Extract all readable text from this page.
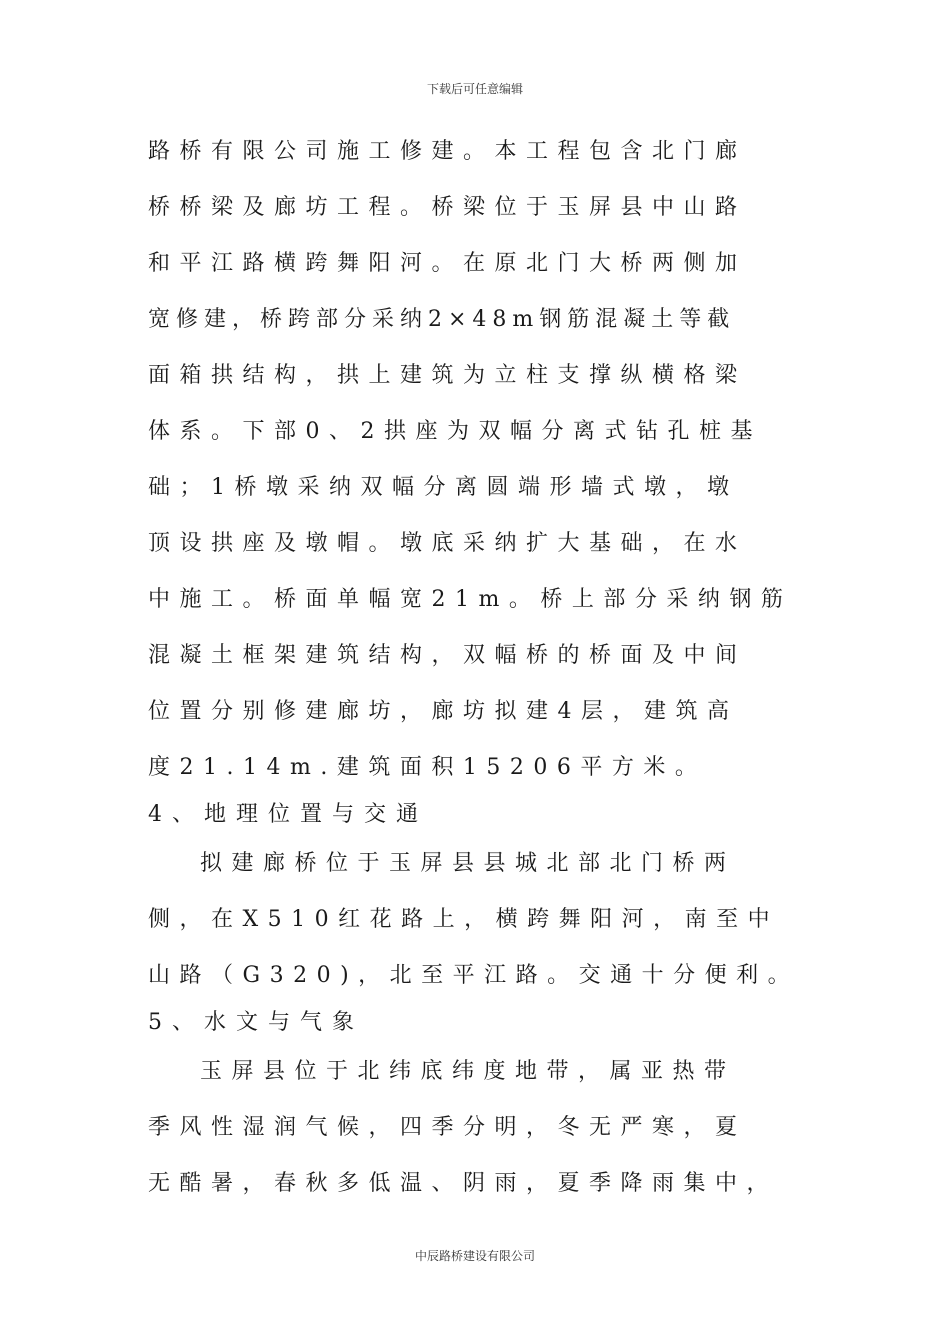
下载后可任意编辑
路桥有限公司施工修建。本工程包含北门廊
桥桥梁及廊坊工程。桥梁位于玉屏县中山路
和平江路横跨舞阳河。在原北门大桥两侧加
宽修建，桥跨部分采纳2×48m钢筋混凝土等截
面箱拱结构，拱上建筑为立柱支撑纵横格梁
体系。下部0、2拱座为双幅分离式钻孔桩基
础；1桥墩采纳双幅分离圆端形墙式墩，墩
顶设拱座及墩帽。墩底采纳扩大基础，在水
中施工。桥面单幅宽21m。桥上部分采纳钢筋
混凝土框架建筑结构，双幅桥的桥面及中间
位置分别修建廊坊，廊坊拟建4层，建筑高
度21.14m.建筑面积15206平方米。
4、地理位置与交通
拟建廊桥位于玉屏县县城北部北门桥两
侧，在X510红花路上，横跨舞阳河，南至中
山路（G320)，北至平江路。交通十分便利。
5、水文与气象
玉屏县位于北纬底纬度地带，属亚热带
季风性湿润气候，四季分明，冬无严寒，夏
无酷暑，春秋多低温、阴雨，夏季降雨集中，
中辰路桥建设有限公司
